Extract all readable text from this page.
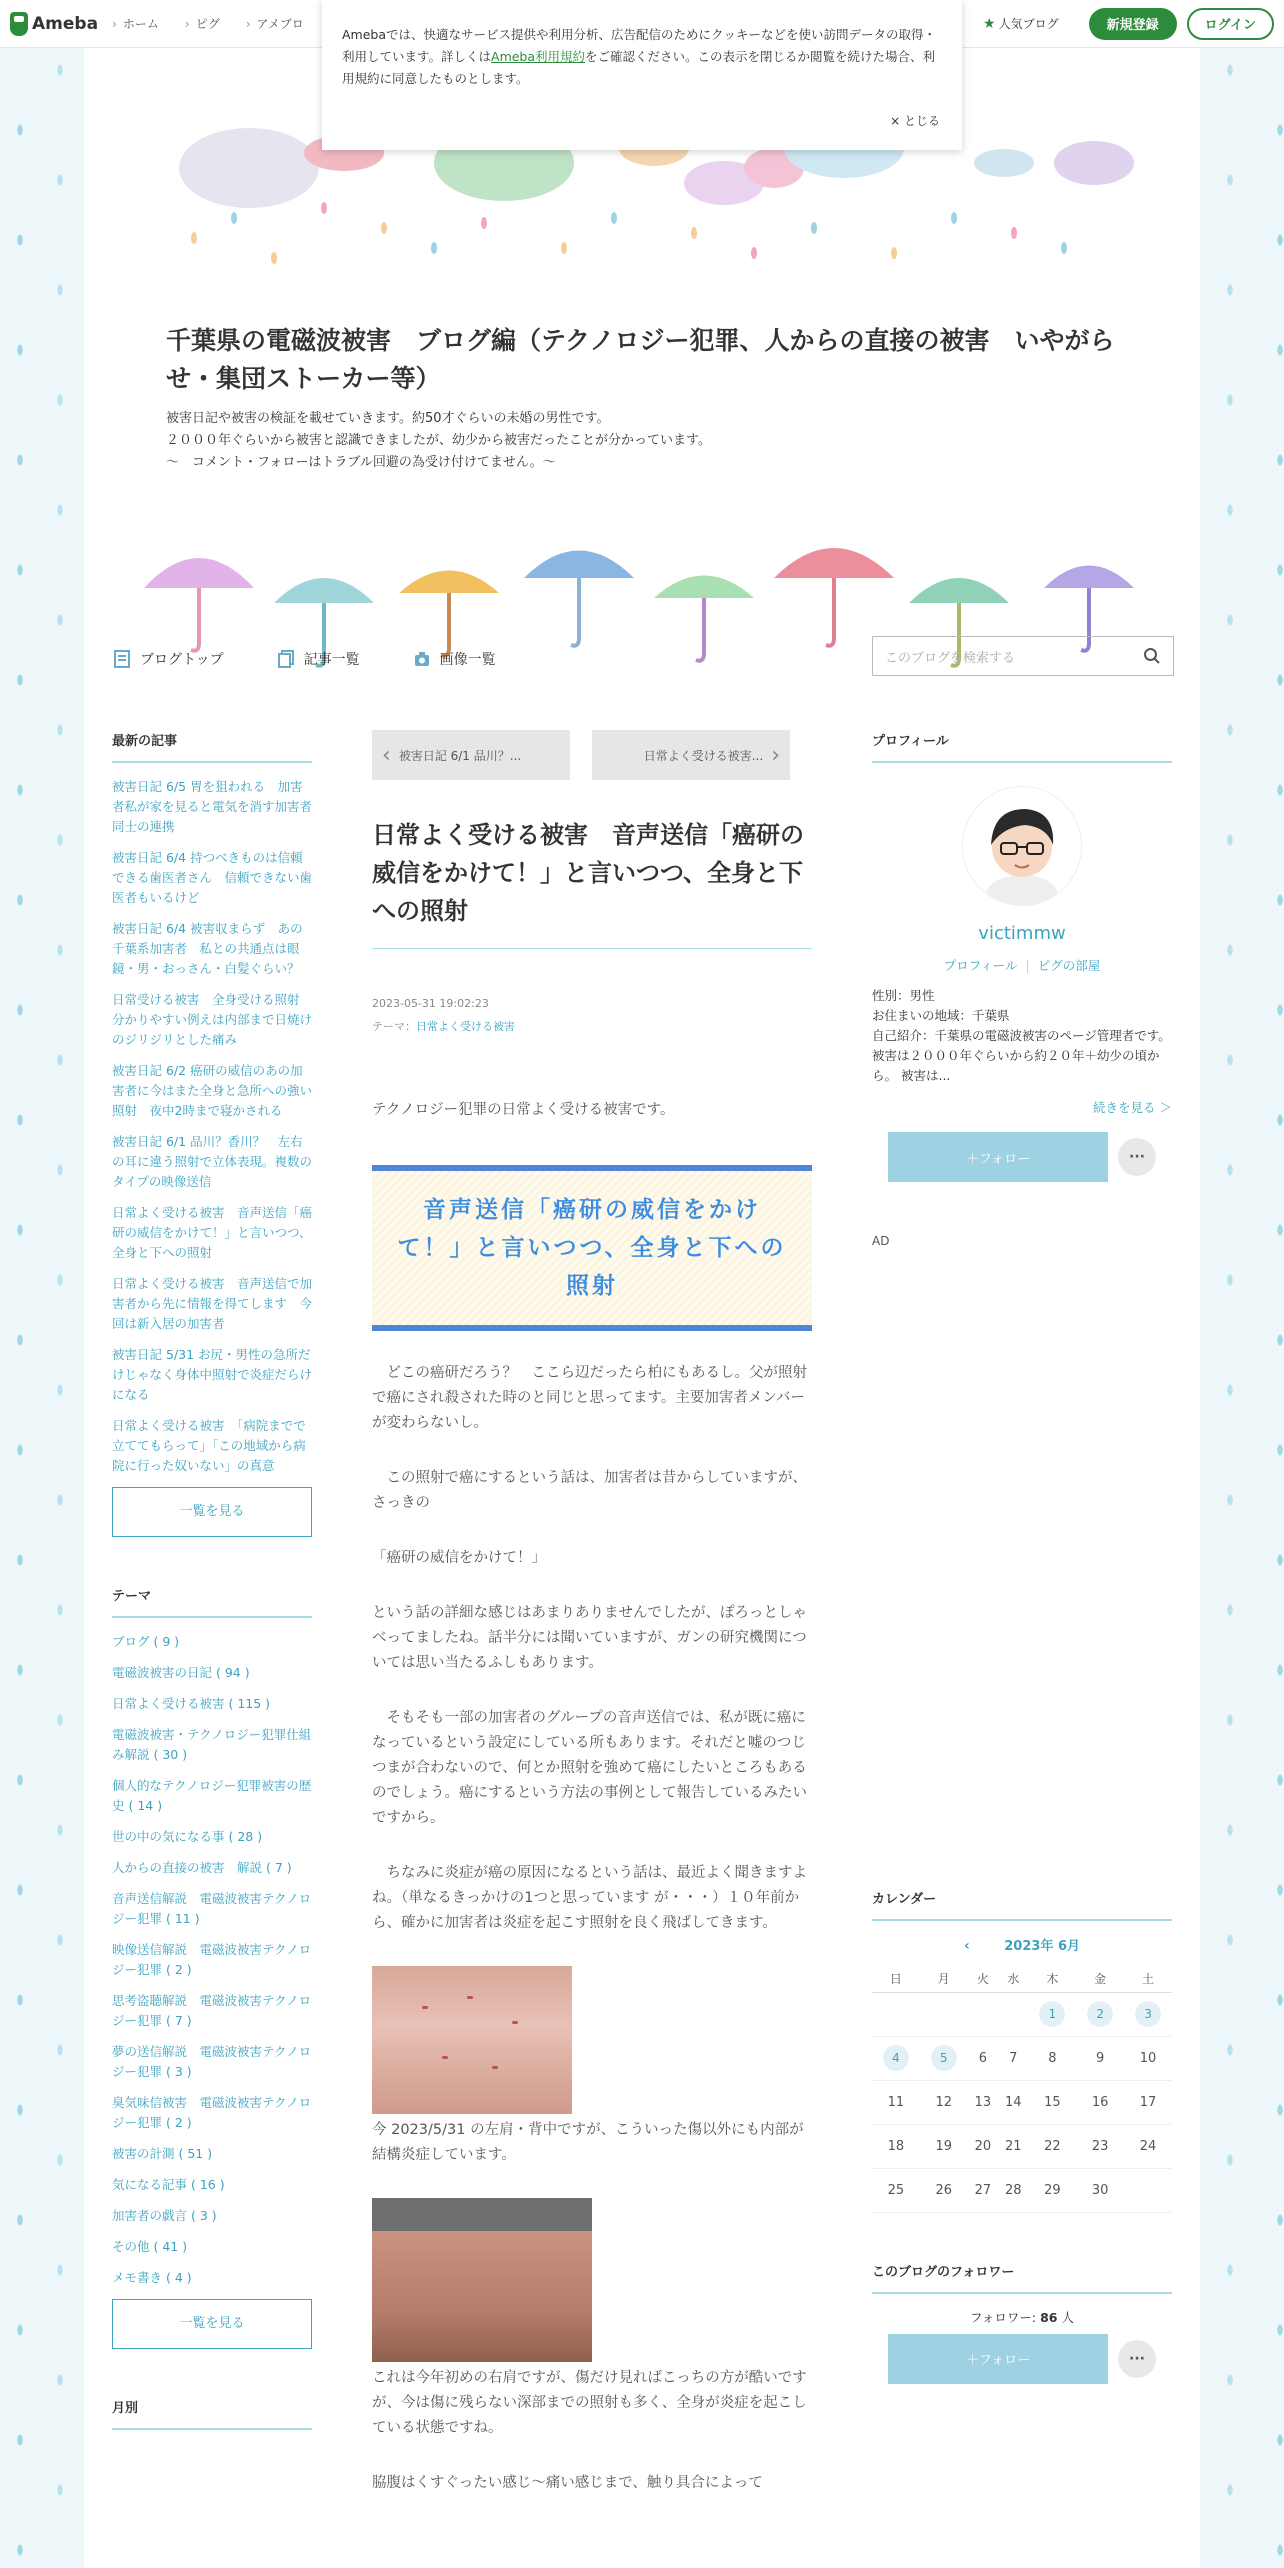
Ameba	› ホーム	› ピグ	› アメブロ	★ 人気ブログ	新規登録	ログイン
Amebaでは、快適なサービス提供や利用分析、広告配信のためにクッキーなどを使い訪問データの取得・利用しています。詳しくはAmeba利用規約をご確認ください。この表示を閉じるか閲覧を続けた場合、利用規約に同意したものとします。
× とじる
千葉県の電磁波被害　ブログ編（テクノロジー犯罪、人からの直接の被害　いやがらせ・集団ストーカー等）
被害日記や被害の検証を載せていきます。約50才ぐらいの未婚の男性です。
２０００年ぐらいから被害と認識できましたが、幼少から被害だったことが分かっています。
～　コメント・フォローはトラブル回避の為受け付けてません。～
ブログトップ	記事一覧	画像一覧	このブログを検索する
最新の記事
被害日記 6/5 胃を狙われる　加害者私が家を見ると電気を消す加害者同士の連携
被害日記 6/4 持つべきものは信頼できる歯医者さん　信頼できない歯医者もいるけど
被害日記 6/4 被害収まらず　あの千葉系加害者　私との共通点は眼鏡・男・おっさん・白髪ぐらい？
日常受ける被害　全身受ける照射　分かりやすい例えは内部まで日焼けのジリジリとした痛み
被害日記 6/2 癌研の威信のあの加害者に今はまた全身と急所への強い照射　夜中2時まで寝かされる
被害日記 6/1 品川？香川？　左右の耳に違う照射で立体表現。複数のタイプの映像送信
日常よく受ける被害　音声送信「癌研の威信をかけて！」と言いつつ、全身と下への照射
日常よく受ける被害　音声送信で加害者から先に情報を得てします　今回は新入居の加害者
被害日記 5/31 お尻・男性の急所だけじゃなく身体中照射で炎症だらけになる
日常よく受ける被害　「病院までで立ててもらって」「この地域から病院に行った奴いない」の真意
一覧を見る
テーマ
ブログ ( 9 )
電磁波被害の日記 ( 94 )
日常よく受ける被害 ( 115 )
電磁波被害・テクノロジー犯罪仕組み解説 ( 30 )
個人的なテクノロジー犯罪被害の歴史 ( 14 )
世の中の気になる事 ( 28 )
人からの直接の被害　解説 ( 7 )
音声送信解説　電磁波被害テクノロジー犯罪 ( 11 )
映像送信解説　電磁波被害テクノロジー犯罪 ( 2 )
思考盗聴解説　電磁波被害テクノロジー犯罪 ( 7 )
夢の送信解説　電磁波被害テクノロジー犯罪 ( 3 )
臭気味信被害　電磁波被害テクノロジー犯罪 ( 2 )
被害の計測 ( 51 )
気になる記事 ( 16 )
加害者の戯言 ( 3 )
その他 ( 41 )
メモ書き ( 4 )
一覧を見る
月別
‹ 被害日記 6/1 品川？...	日常よく受ける被害... ›
日常よく受ける被害　音声送信「癌研の威信をかけて！」と言いつつ、全身と下への照射
2023-05-31 19:02:23
テーマ：日常よく受ける被害
テクノロジー犯罪の日常よく受ける被害です。
音声送信「癌研の威信をかけて！」と言いつつ、全身と下への照射
　どこの癌研だろう？　ここら辺だったら柏にもあるし。父が照射で癌にされ殺された時のと同じと思ってます。主要加害者メンバーが変わらないし。
　この照射で癌にするという話は、加害者は昔からしていますが、さっきの
「癌研の威信をかけて！」
という話の詳細な感じはあまりありませんでしたが、ぽろっとしゃべってましたね。話半分には聞いていますが、ガンの研究機関については思い当たるふしもあります。
　そもそも一部の加害者のグループの音声送信では、私が既に癌になっているという設定にしている所もあります。それだと嘘のつじつまが合わないので、何とか照射を強めて癌にしたいところもあるのでしょう。癌にするという方法の事例として報告しているみたいですから。
　ちなみに炎症が癌の原因になるという話は、最近よく聞きますよね。（単なるきっかけの1つと思っています が・・・）１０年前から、確かに加害者は炎症を起こす照射を良く飛ばしてきます。
今 2023/5/31 の左肩・背中ですが、こういった傷以外にも内部が結構炎症しています。
これは今年初めの右肩ですが、傷だけ見ればこっちの方が酷いですが、今は傷に残らない深部までの照射も多く、全身が炎症を起こしている状態ですね。
脇腹はくすぐったい感じ～痛い感じまで、触り具合によって
プロフィール
victimmw
プロフィール | ピグの部屋
性別：男性
お住まいの地域：千葉県
自己紹介：千葉県の電磁波被害のページ管理者です。 被害は２０００年ぐらいから約２０年＋幼少の頃から。 被害は...
続きを見る ＞
＋フォロー	···
AD
カレンダー
‹	2023年 6月
日	月	火	水	木	金	土
				1	2	3
4	5	6	7	8	9	10
11	12	13	14	15	16	17
18	19	20	21	22	23	24
25	26	27	28	29	30	
このブログのフォロワー
フォロワー: 86 人
＋フォロー	···
